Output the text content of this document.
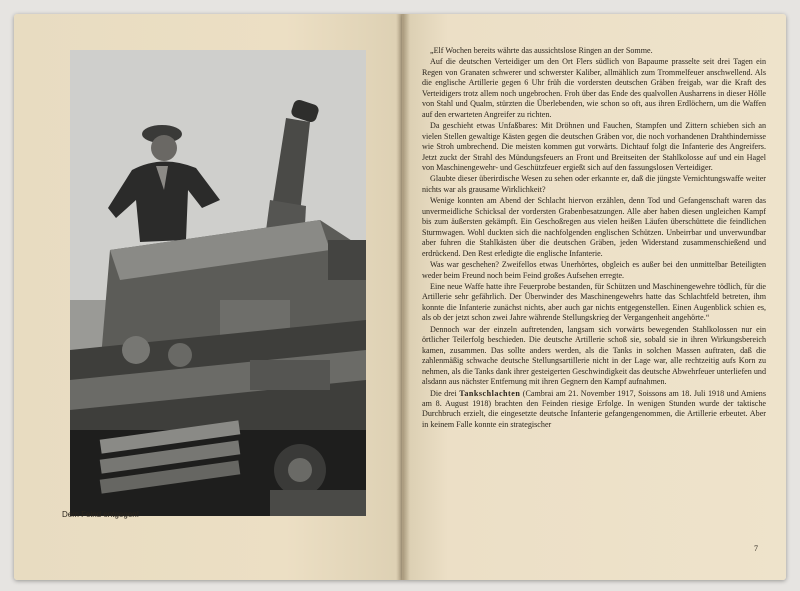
Dem Feind entgegen!

„Elf Wochen bereits währte das aussichtslose Ringen an der Somme.

Auf die deutschen Verteidiger um den Ort Flers südlich von Bapaume prasselte seit drei Tagen ein Regen von Granaten schwerer und schwerster Kaliber, allmählich zum Trommelfeuer anschwellend. Als die englische Artillerie gegen 6 Uhr früh die vordersten deutschen Gräben freigab, war die Kraft des Verteidigers trotz allem noch ungebrochen. Froh über das Ende des qualvollen Ausharrens in dieser Hölle von Stahl und Qualm, stürzten die Überlebenden, wie schon so oft, aus ihren Erdlöchern, um die Waffen auf den erwarteten Angreifer zu richten.

Da geschieht etwas Unfaßbares: Mit Dröhnen und Fauchen, Stampfen und Zittern schieben sich an vielen Stellen gewaltige Kästen gegen die deutschen Gräben vor, die noch vorhandenen Drahthindernisse wie Stroh umbrechend. Die meisten kommen gut vorwärts. Dichtauf folgt die Infanterie des Angreifers. Jetzt zuckt der Strahl des Mündungsfeuers an Front und Breitseiten der Stahlkolosse auf und ein Hagel von Maschinengewehr- und Geschützfeuer ergießt sich auf den fassungslosen Verteidiger.

Glaubte dieser überirdische Wesen zu sehen oder erkannte er, daß die jüngste Vernichtungswaffe weiter nichts war als grausame Wirklichkeit?

Wenige konnten am Abend der Schlacht hiervon erzählen, denn Tod und Gefangenschaft waren das unvermeidliche Schicksal der vordersten Grabenbesatzungen. Alle aber haben diesen ungleichen Kampf bis zum äußersten gekämpft. Ein Geschoßregen aus vielen heißen Läufen überschüttete die feindlichen Sturmwagen. Wohl duckten sich die nachfolgenden englischen Schützen. Unbeirrbar und unverwundbar aber fuhren die Stahlkästen über die deutschen Gräben, jeden Widerstand zusammenschießend und erdrückend. Den Rest erledigte die englische Infanterie.

Was war geschehen? Zweifellos etwas Unerhörtes, obgleich es außer bei den unmittelbar Beteiligten weder beim Freund noch beim Feind großes Aufsehen erregte.

Eine neue Waffe hatte ihre Feuerprobe bestanden, für Schützen und Maschinengewehre tödlich, für die Artillerie sehr gefährlich. Der Überwinder des Maschinengewehrs hatte das Schlachtfeld betreten, ihm konnte die Infanterie zunächst nichts, aber auch gar nichts entgegenstellen. Einen Augenblick schien es, als ob der jetzt schon zwei Jahre währende Stellungskrieg der Vergangenheit angehörte.“

Dennoch war der einzeln auftretenden, langsam sich vorwärts bewegenden Stahlkolossen nur ein örtlicher Teilerfolg beschieden. Die deutsche Artillerie schoß sie, sobald sie in ihren Wirkungsbereich kamen, zusammen. Das sollte anders werden, als die Tanks in solchen Massen auftraten, daß die zahlenmäßig schwache deutsche Stellungsartillerie nicht in der Lage war, alle rechtzeitig aufs Korn zu nehmen, als die Tanks dank ihrer gesteigerten Geschwindigkeit das deutsche Abwehrfeuer unterliefen und alsdann aus nächster Entfernung mit ihren Gegnern den Kampf aufnahmen.

Die drei Tankschlachten (Cambrai am 21. November 1917, Soissons am 18. Juli 1918 und Amiens am 8. August 1918) brachten den Feinden riesige Erfolge. In wenigen Stunden wurde der taktische Durchbruch erzielt, die eingesetzte deutsche Infanterie gefangengenommen, die Artillerie erbeutet. Aber in keinem Falle konnte ein strategischer

7
